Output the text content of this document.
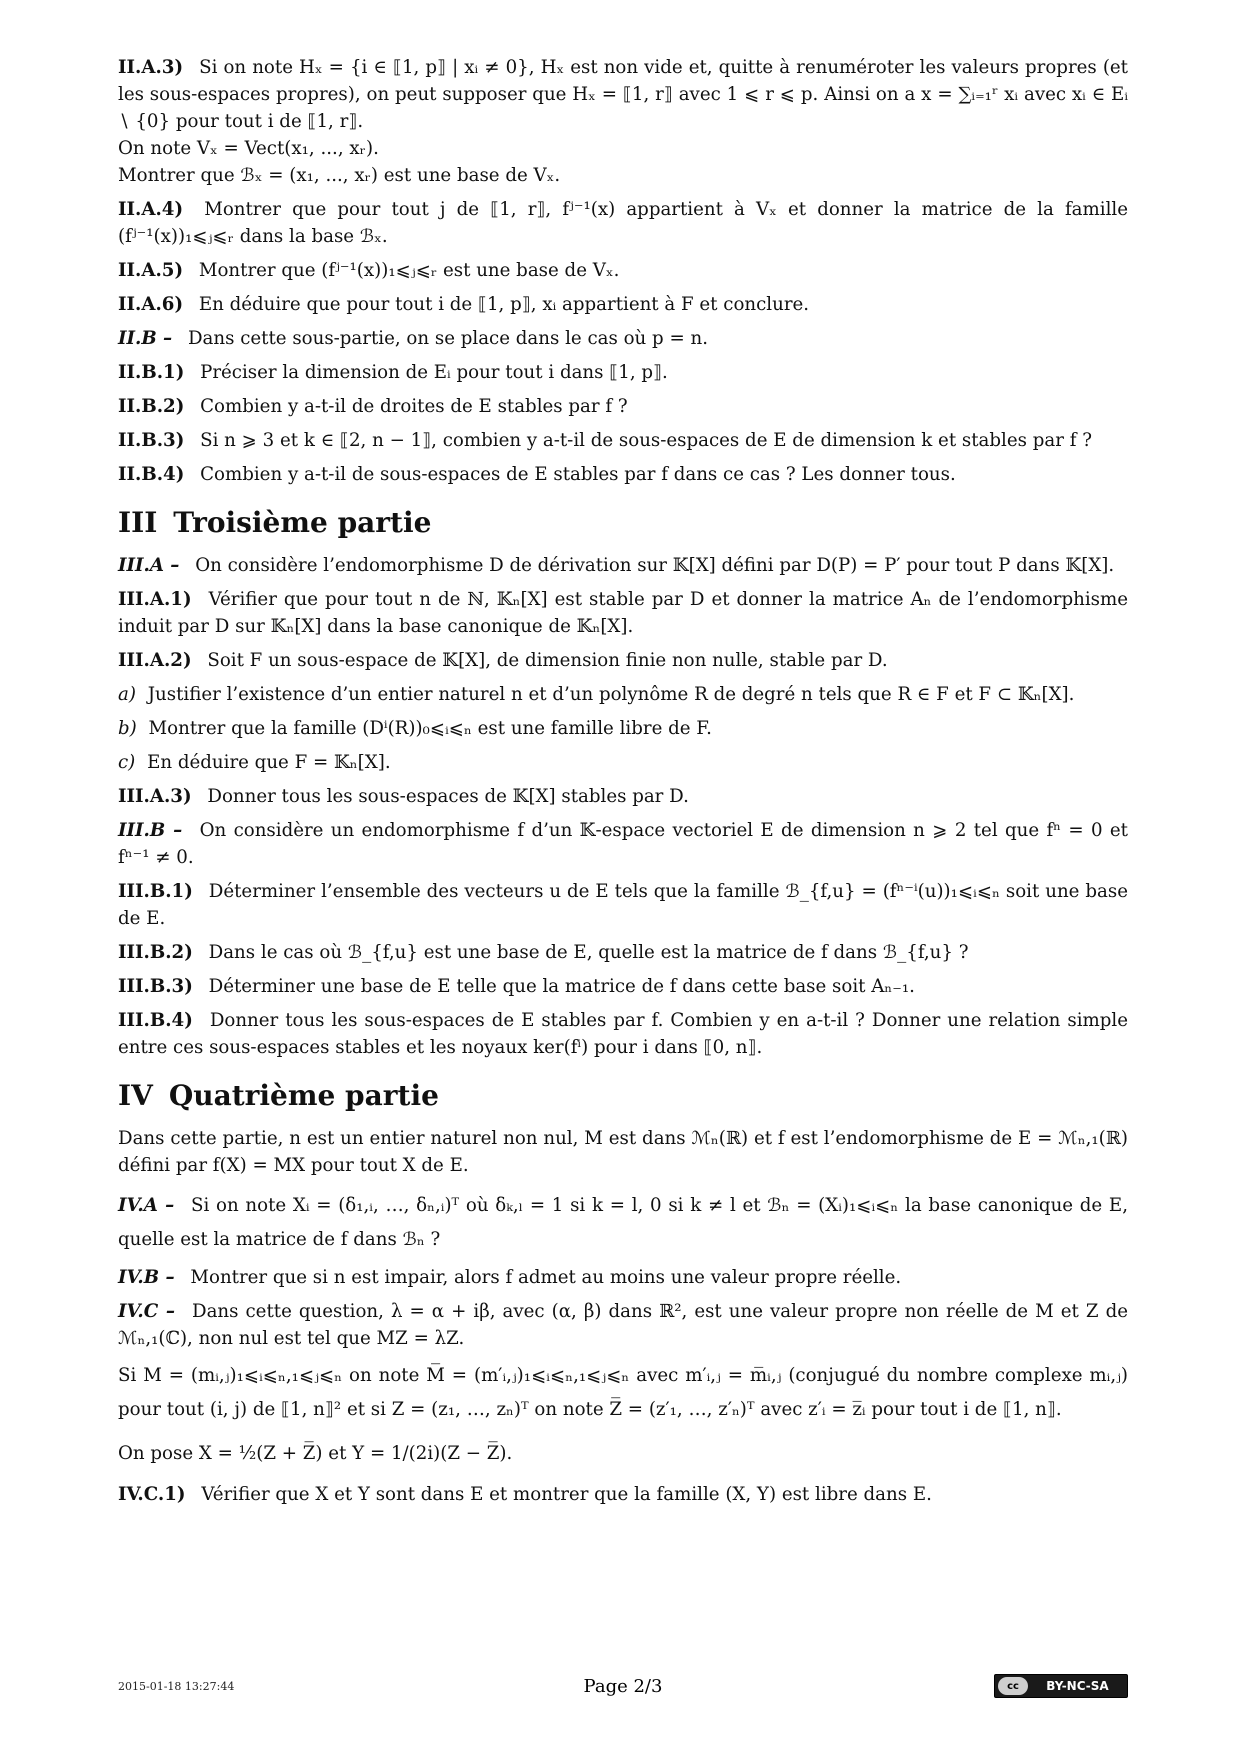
II.A.3) Si on note Hₓ = {i ∈ ⟦1, p⟧ | xᵢ ≠ 0}, Hₓ est non vide et, quitte à renuméroter les valeurs propres (et les sous-espaces propres), on peut supposer que Hₓ = ⟦1, r⟧ avec 1 ⩽ r ⩽ p. Ainsi on a x = ∑ᵢ₌₁ʳ xᵢ avec xᵢ ∈ Eᵢ ∖ {0} pour tout i de ⟦1, r⟧.
On note Vₓ = Vect(x₁, ..., xᵣ).
Montrer que ℬₓ = (x₁, ..., xᵣ) est une base de Vₓ.
II.A.4) Montrer que pour tout j de ⟦1, r⟧, fʲ⁻¹(x) appartient à Vₓ et donner la matrice de la famille (fʲ⁻¹(x))₁⩽ⱼ⩽ᵣ dans la base ℬₓ.
II.A.5) Montrer que (fʲ⁻¹(x))₁⩽ⱼ⩽ᵣ est une base de Vₓ.
II.A.6) En déduire que pour tout i de ⟦1, p⟧, xᵢ appartient à F et conclure.
II.B – Dans cette sous-partie, on se place dans le cas où p = n.
II.B.1) Préciser la dimension de Eᵢ pour tout i dans ⟦1, p⟧.
II.B.2) Combien y a-t-il de droites de E stables par f ?
II.B.3) Si n ⩾ 3 et k ∈ ⟦2, n − 1⟧, combien y a-t-il de sous-espaces de E de dimension k et stables par f ?
II.B.4) Combien y a-t-il de sous-espaces de E stables par f dans ce cas ? Les donner tous.
III Troisième partie
III.A – On considère l’endomorphisme D de dérivation sur 𝕂[X] défini par D(P) = P′ pour tout P dans 𝕂[X].
III.A.1) Vérifier que pour tout n de ℕ, 𝕂ₙ[X] est stable par D et donner la matrice Aₙ de l’endomorphisme induit par D sur 𝕂ₙ[X] dans la base canonique de 𝕂ₙ[X].
III.A.2) Soit F un sous-espace de 𝕂[X], de dimension finie non nulle, stable par D.
a) Justifier l’existence d’un entier naturel n et d’un polynôme R de degré n tels que R ∈ F et F ⊂ 𝕂ₙ[X].
b) Montrer que la famille (Dⁱ(R))₀⩽ᵢ⩽ₙ est une famille libre de F.
c) En déduire que F = 𝕂ₙ[X].
III.A.3) Donner tous les sous-espaces de 𝕂[X] stables par D.
III.B – On considère un endomorphisme f d’un 𝕂-espace vectoriel E de dimension n ⩾ 2 tel que fⁿ = 0 et fⁿ⁻¹ ≠ 0.
III.B.1) Déterminer l’ensemble des vecteurs u de E tels que la famille ℬ_{f,u} = (fⁿ⁻ⁱ(u))₁⩽ᵢ⩽ₙ soit une base de E.
III.B.2) Dans le cas où ℬ_{f,u} est une base de E, quelle est la matrice de f dans ℬ_{f,u} ?
III.B.3) Déterminer une base de E telle que la matrice de f dans cette base soit Aₙ₋₁.
III.B.4) Donner tous les sous-espaces de E stables par f. Combien y en a-t-il ? Donner une relation simple entre ces sous-espaces stables et les noyaux ker(fⁱ) pour i dans ⟦0, n⟧.
IV Quatrième partie

Dans cette partie, n est un entier naturel non nul, M est dans ℳₙ(ℝ) et f est l’endomorphisme de E = ℳₙ,₁(ℝ) défini par f(X) = MX pour tout X de E.

IV.A – Si on note Xᵢ = (δ₁,ᵢ, …, δₙ,ᵢ)ᵀ où δₖ,ₗ = 1 si k = l, 0 si k ≠ l et ℬₙ = (Xᵢ)₁⩽ᵢ⩽ₙ la base canonique de E, quelle est la matrice de f dans ℬₙ ?
IV.B – Montrer que si n est impair, alors f admet au moins une valeur propre réelle.
IV.C – Dans cette question, λ = α + iβ, avec (α, β) dans ℝ², est une valeur propre non réelle de M et Z de ℳₙ,₁(ℂ), non nul est tel que MZ = λZ.

Si M = (mᵢ,ⱼ)₁⩽ᵢ⩽ₙ,₁⩽ⱼ⩽ₙ on note M̅ = (m′ᵢ,ⱼ)₁⩽ᵢ⩽ₙ,₁⩽ⱼ⩽ₙ avec m′ᵢ,ⱼ = m̅ᵢ,ⱼ (conjugué du nombre complexe mᵢ,ⱼ) pour tout (i, j) de ⟦1, n⟧² et si Z = (z₁, …, zₙ)ᵀ on note Z̅ = (z′₁, …, z′ₙ)ᵀ avec z′ᵢ = z̅ᵢ pour tout i de ⟦1, n⟧.

On pose X = ½(Z + Z̅) et Y = 1/(2i)(Z − Z̅).

IV.C.1) Vérifier que X et Y sont dans E et montrer que la famille (X, Y) est libre dans E.
2015-01-18 13:27:44	Page 2/3	cc	BY-NC-SA
